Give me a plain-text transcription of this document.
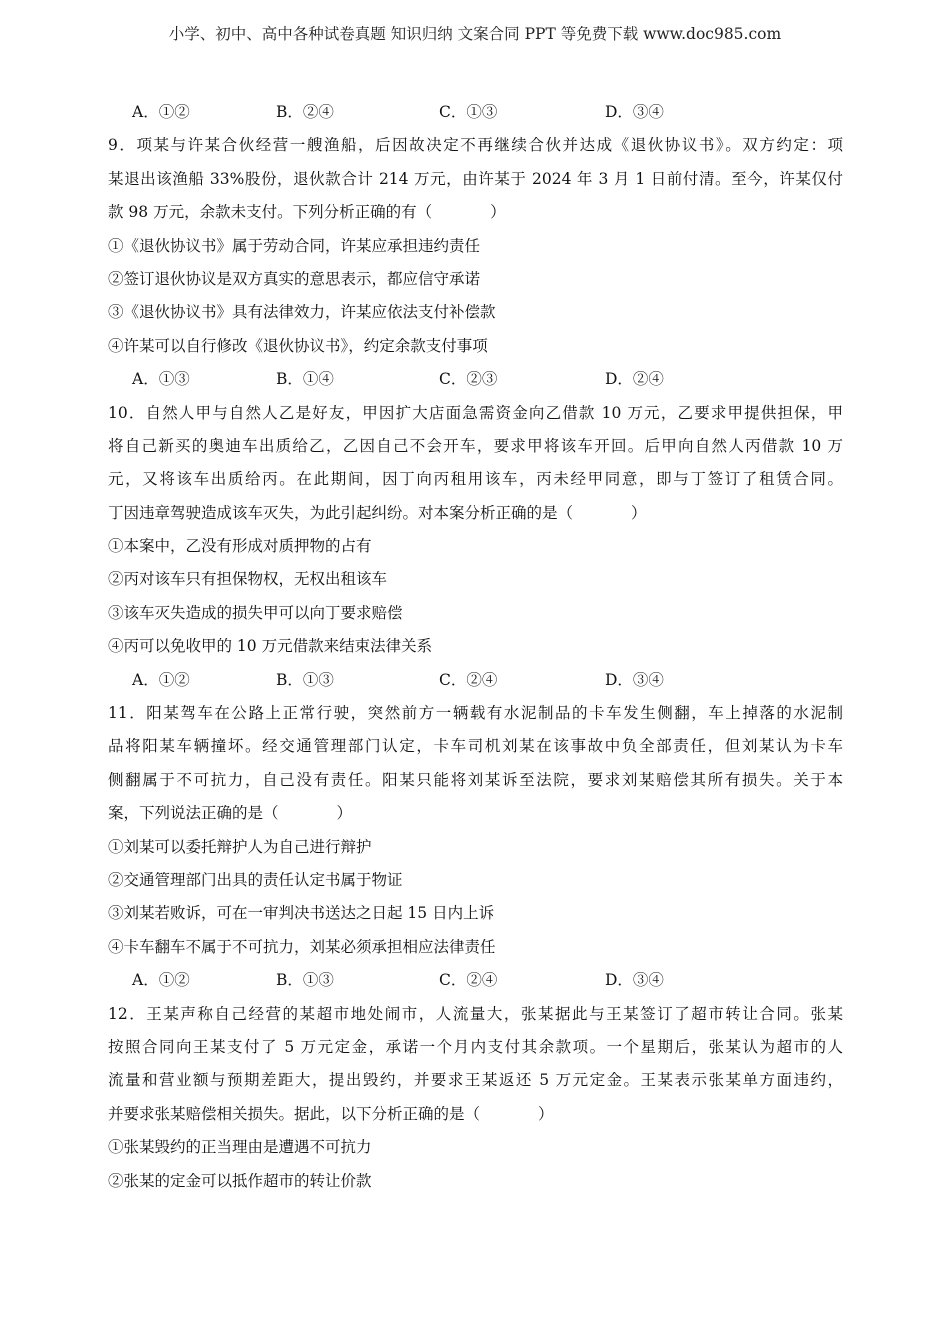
小学、初中、高中各种试卷真题 知识归纳 文案合同 PPT 等免费下载 www.doc985.com
A．①②	B．②④	C．①③	D．③④
9．项某与许某合伙经营一艘渔船，后因故决定不再继续合伙并达成《退伙协议书》。双方约定：项
某退出该渔船 33%股份，退伙款合计 214 万元，由许某于 2024 年 3 月 1 日前付清。至今，许某仅付
款 98 万元，余款未支付。下列分析正确的有（	）
①《退伙协议书》属于劳动合同，许某应承担违约责任
②签订退伙协议是双方真实的意思表示，都应信守承诺
③《退伙协议书》具有法律效力，许某应依法支付补偿款
④许某可以自行修改《退伙协议书》，约定余款支付事项
A．①③	B．①④	C．②③	D．②④
10．自然人甲与自然人乙是好友，甲因扩大店面急需资金向乙借款 10 万元，乙要求甲提供担保，甲
将自己新买的奥迪车出质给乙，乙因自己不会开车，要求甲将该车开回。后甲向自然人丙借款 10 万
元，又将该车出质给丙。在此期间，因丁向丙租用该车，丙未经甲同意，即与丁签订了租赁合同。
丁因违章驾驶造成该车灭失，为此引起纠纷。对本案分析正确的是（	）
①本案中，乙没有形成对质押物的占有
②丙对该车只有担保物权，无权出租该车
③该车灭失造成的损失甲可以向丁要求赔偿
④丙可以免收甲的 10 万元借款来结束法律关系
A．①②	B．①③	C．②④	D．③④
11．阳某驾车在公路上正常行驶，突然前方一辆载有水泥制品的卡车发生侧翻，车上掉落的水泥制
品将阳某车辆撞坏。经交通管理部门认定，卡车司机刘某在该事故中负全部责任，但刘某认为卡车
侧翻属于不可抗力，自己没有责任。阳某只能将刘某诉至法院，要求刘某赔偿其所有损失。关于本
案，下列说法正确的是（	）
①刘某可以委托辩护人为自己进行辩护
②交通管理部门出具的责任认定书属于物证
③刘某若败诉，可在一审判决书送达之日起 15 日内上诉
④卡车翻车不属于不可抗力，刘某必须承担相应法律责任
A．①②	B．①③	C．②④	D．③④
12．王某声称自己经营的某超市地处闹市，人流量大，张某据此与王某签订了超市转让合同。张某
按照合同向王某支付了 5 万元定金，承诺一个月内支付其余款项。一个星期后，张某认为超市的人
流量和营业额与预期差距大，提出毁约，并要求王某返还 5 万元定金。王某表示张某单方面违约，
并要求张某赔偿相关损失。据此，以下分析正确的是（	）
①张某毁约的正当理由是遭遇不可抗力
②张某的定金可以抵作超市的转让价款
